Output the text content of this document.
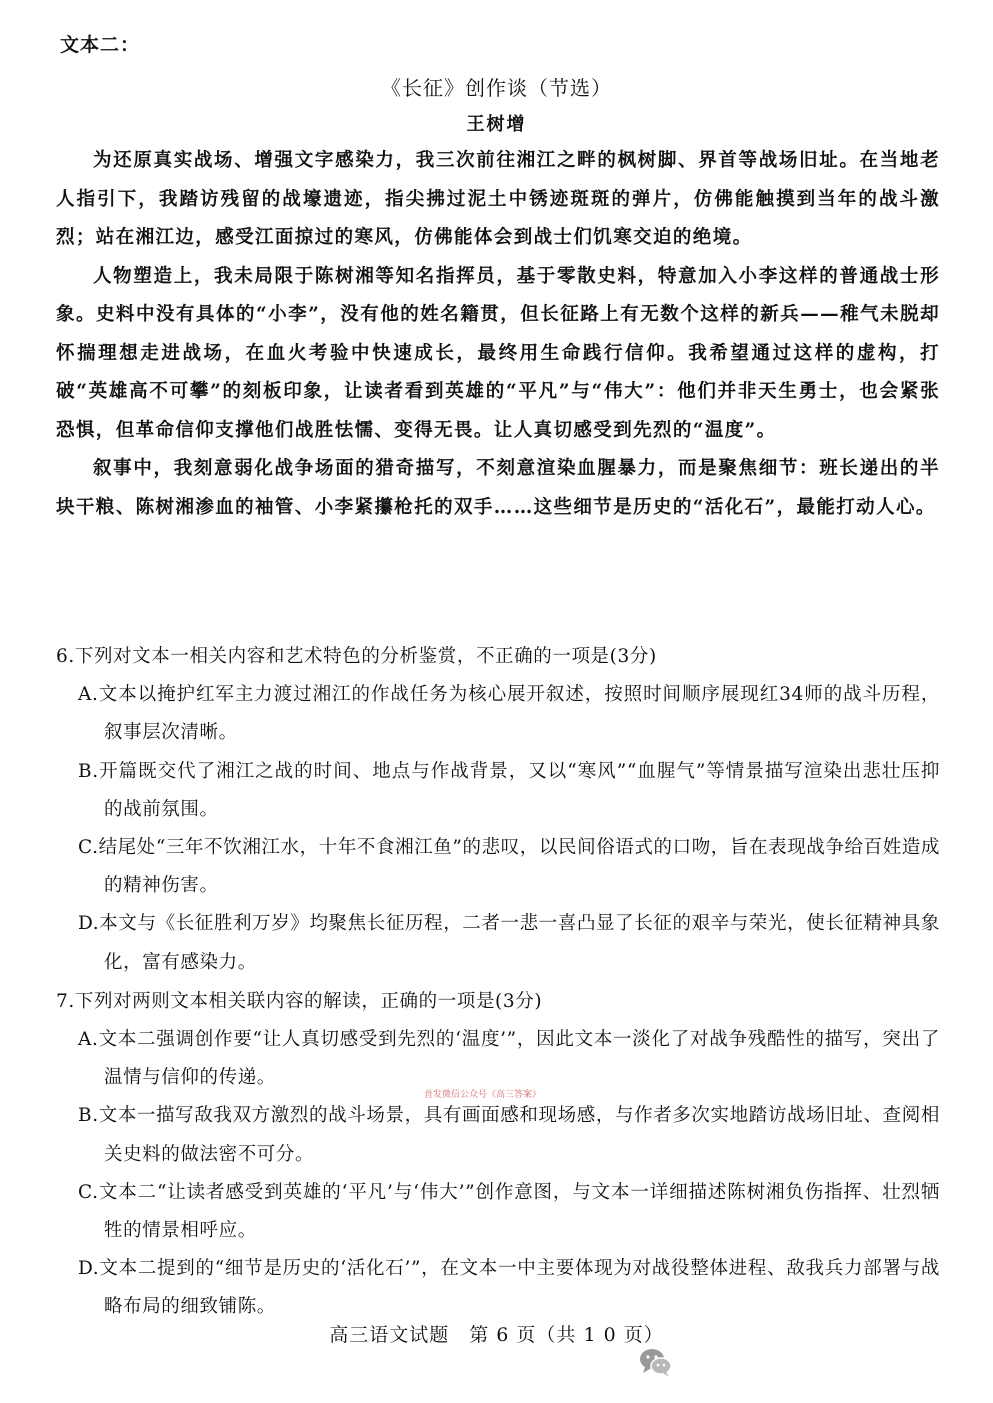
文本二：
《长征》创作谈（节选）
王树增

为还原真实战场、增强文字感染力，我三次前往湘江之畔的枫树脚、界首等战场旧址。在当地老人指引下，我踏访残留的战壕遗迹，指尖拂过泥土中锈迹斑斑的弹片，仿佛能触摸到当年的战斗激烈；站在湘江边，感受江面掠过的寒风，仿佛能体会到战士们饥寒交迫的绝境。

人物塑造上，我未局限于陈树湘等知名指挥员，基于零散史料，特意加入小李这样的普通战士形象。史料中没有具体的“小李”，没有他的姓名籍贯，但长征路上有无数个这样的新兵——稚气未脱却怀揣理想走进战场，在血火考验中快速成长，最终用生命践行信仰。我希望通过这样的虚构，打破“英雄高不可攀”的刻板印象，让读者看到英雄的“平凡”与“伟大”：他们并非天生勇士，也会紧张恐惧，但革命信仰支撑他们战胜怯懦、变得无畏。让人真切感受到先烈的“温度”。

叙事中，我刻意弱化战争场面的猎奇描写，不刻意渲染血腥暴力，而是聚焦细节：班长递出的半块干粮、陈树湘渗血的袖管、小李紧攥枪托的双手……这些细节是历史的“活化石”，最能打动人心。

6.下列对文本一相关内容和艺术特色的分析鉴赏，不正确的一项是(3分)

A.文本以掩护红军主力渡过湘江的作战任务为核心展开叙述，按照时间顺序展现红34师的战斗历程，叙事层次清晰。

B.开篇既交代了湘江之战的时间、地点与作战背景，又以“寒风”“血腥气”等情景描写渲染出悲壮压抑的战前氛围。

C.结尾处“三年不饮湘江水，十年不食湘江鱼”的悲叹，以民间俗语式的口吻，旨在表现战争给百姓造成的精神伤害。

D.本文与《长征胜利万岁》均聚焦长征历程，二者一悲一喜凸显了长征的艰辛与荣光，使长征精神具象化，富有感染力。

7.下列对两则文本相关联内容的解读，正确的一项是(3分)

A.文本二强调创作要“让人真切感受到先烈的‘温度’”，因此文本一淡化了对战争残酷性的描写，突出了温情与信仰的传递。

B.文本一描写敌我双方激烈的战斗场景，具有画面感和现场感，与作者多次实地踏访战场旧址、查阅相关史料的做法密不可分。

C.文本二“让读者感受到英雄的‘平凡’与‘伟大’”创作意图，与文本一详细描述陈树湘负伤指挥、壮烈牺牲的情景相呼应。

D.文本二提到的“细节是历史的‘活化石’”，在文本一中主要体现为对战役整体进程、敌我兵力部署与战略布局的细致铺陈。

首发微信公众号《高三答案》
高三语文试题　第 6 页（共 1 0 页）
